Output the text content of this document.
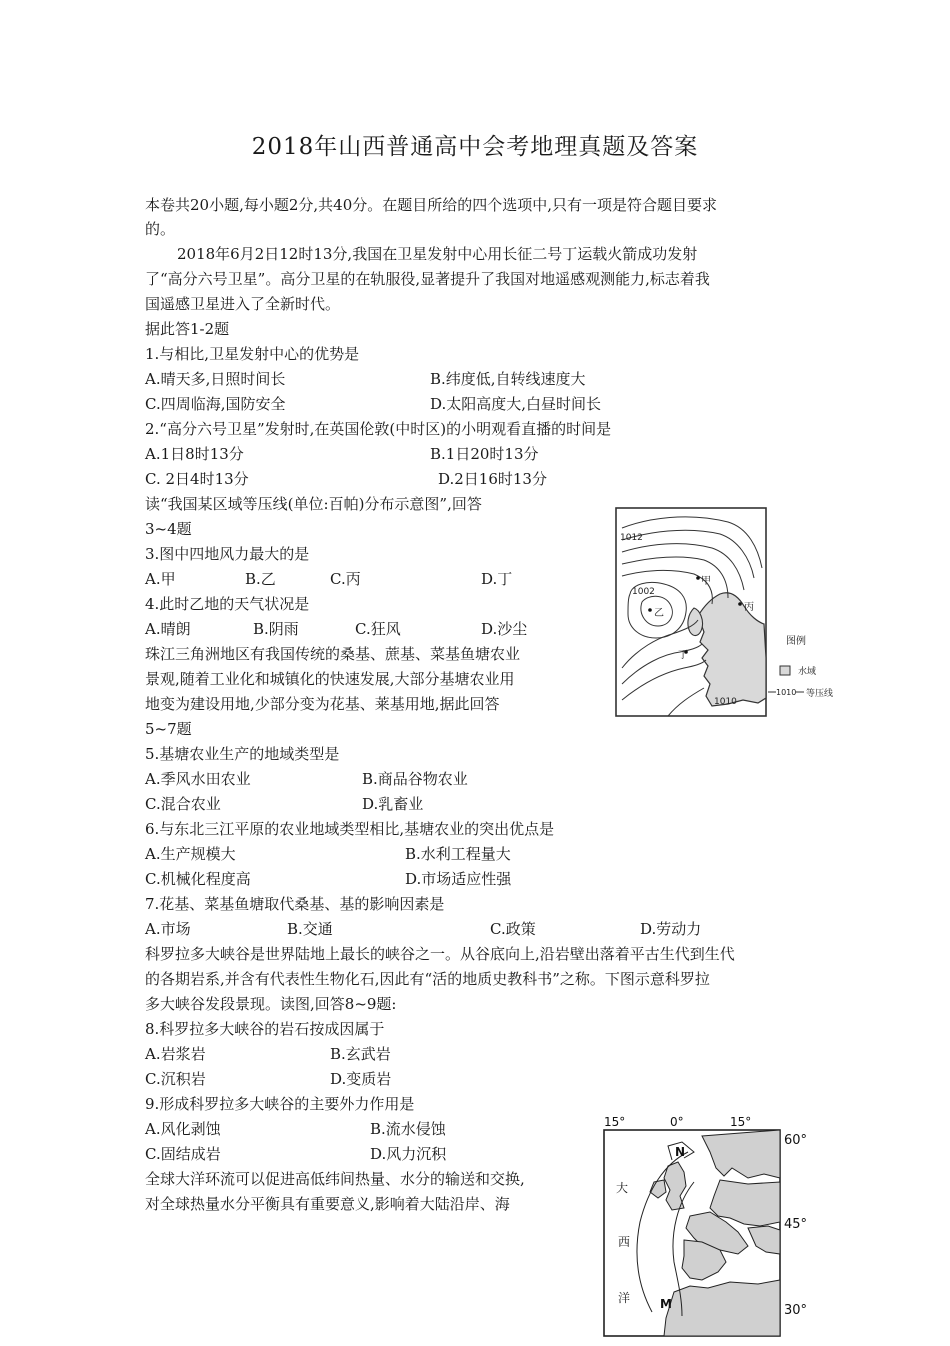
2018年山西普通高中会考地理真题及答案
本卷共20小题,每小题2分,共40分。在题目所给的四个选项中,只有一项是符合题目要求
的。
2018年6月2日12时13分,我国在卫星发射中心用长征二号丁运载火箭成功发射
了“高分六号卫星”。高分卫星的在轨服役,显著提升了我国对地遥感观测能力,标志着我
国遥感卫星进入了全新时代。
据此答1-2题
1.与相比,卫星发射中心的优势是
A.晴天多,日照时间长	B.纬度低,自转线速度大
C.四周临海,国防安全	D.太阳高度大,白昼时间长
2.“高分六号卫星”发射时,在英国伦敦(中时区)的小明观看直播的时间是
A.1日8时13分	B.1日20时13分
C. 2日4时13分	D.2日16时13分
读“我国某区域等压线(单位:百帕)分布示意图”,回答
3~4题
3.图中四地风力最大的是
A.甲	B.乙	C.丙	D.丁
4.此时乙地的天气状况是
A.晴朗	B.阴雨	C.狂风	D.沙尘
珠江三角洲地区有我国传统的桑基、蔗基、菜基鱼塘农业
景观,随着工业化和城镇化的快速发展,大部分基塘农业用
地变为建设用地,少部分变为花基、莱基用地,据此回答
5~7题
5.基塘农业生产的地域类型是
A.季风水田农业	B.商品谷物农业
C.混合农业	D.乳畜业
6.与东北三江平原的农业地域类型相比,基塘农业的突出优点是
A.生产规模大	B.水利工程量大
C.机械化程度高	D.市场适应性强
7.花基、菜基鱼塘取代桑基、基的影响因素是
A.市场	B.交通	C.政策	D.劳动力
科罗拉多大峡谷是世界陆地上最长的峡谷之一。从谷底向上,沿岩壁出落着平古生代到生代
的各期岩系,并含有代表性生物化石,因此有“活的地质史教科书”之称。下图示意科罗拉
多大峡谷发段景现。读图,回答8~9题:
8.科罗拉多大峡谷的岩石按成因属于
A.岩浆岩	B.玄武岩
C.沉积岩	D.变质岩
9.形成科罗拉多大峡谷的主要外力作用是
A.风化剥蚀	B.流水侵蚀
C.固结成岩	D.风力沉积
全球大洋环流可以促进高低纬间热量、水分的输送和交换,
对全球热量水分平衡具有重要意义,影响着大陆沿岸、海
1012
1002
1010
甲
乙
丙
丁
图例
水域
1010 等压线
N
M
大
西
洋
15°	0°	15°
60°
45°
30°
